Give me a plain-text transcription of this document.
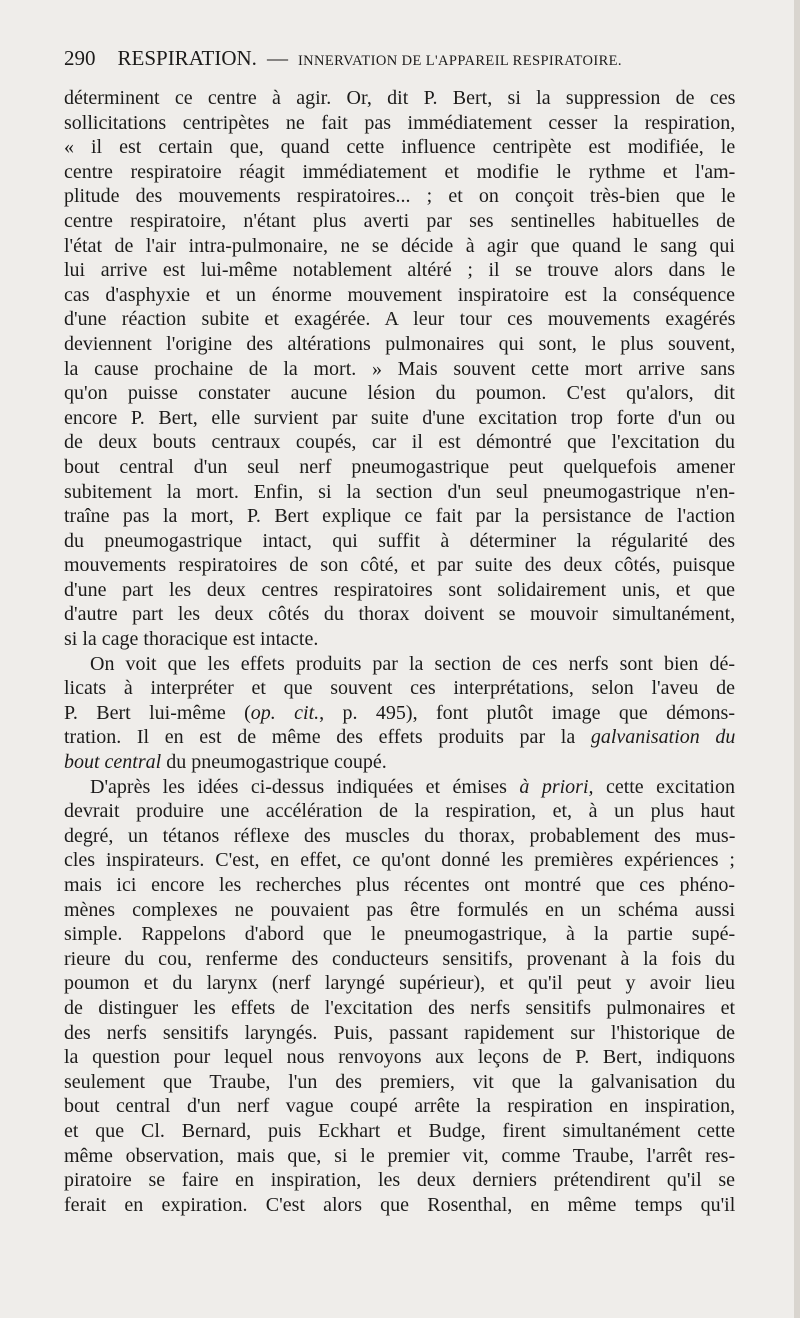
290 RESPIRATION. — INNERVATION DE L'APPAREIL RESPIRATOIRE.
déterminent ce centre à agir. Or, dit P. Bert, si la suppression de ces
sollicitations centripètes ne fait pas immédiatement cesser la respiration,
« il est certain que, quand cette influence centripète est modifiée, le
centre respiratoire réagit immédiatement et modifie le rythme et l'am-
plitude des mouvements respiratoires... ; et on conçoit très-bien que le
centre respiratoire, n'étant plus averti par ses sentinelles habituelles de
l'état de l'air intra-pulmonaire, ne se décide à agir que quand le sang qui
lui arrive est lui-même notablement altéré ; il se trouve alors dans le
cas d'asphyxie et un énorme mouvement inspiratoire est la conséquence
d'une réaction subite et exagérée. A leur tour ces mouvements exagérés
deviennent l'origine des altérations pulmonaires qui sont, le plus souvent,
la cause prochaine de la mort. » Mais souvent cette mort arrive sans
qu'on puisse constater aucune lésion du poumon. C'est qu'alors, dit
encore P. Bert, elle survient par suite d'une excitation trop forte d'un ou
de deux bouts centraux coupés, car il est démontré que l'excitation du
bout central d'un seul nerf pneumogastrique peut quelquefois amener
subitement la mort. Enfin, si la section d'un seul pneumogastrique n'en-
traîne pas la mort, P. Bert explique ce fait par la persistance de l'action
du pneumogastrique intact, qui suffit à déterminer la régularité des
mouvements respiratoires de son côté, et par suite des deux côtés, puisque
d'une part les deux centres respiratoires sont solidairement unis, et que
d'autre part les deux côtés du thorax doivent se mouvoir simultanément,
si la cage thoracique est intacte.
On voit que les effets produits par la section de ces nerfs sont bien dé-
licats à interpréter et que souvent ces interprétations, selon l'aveu de
P. Bert lui-même (op. cit., p. 495), font plutôt image que démons-
tration. Il en est de même des effets produits par la galvanisation du
bout central du pneumogastrique coupé.
D'après les idées ci-dessus indiquées et émises à priori, cette excitation
devrait produire une accélération de la respiration, et, à un plus haut
degré, un tétanos réflexe des muscles du thorax, probablement des mus-
cles inspirateurs. C'est, en effet, ce qu'ont donné les premières expériences ;
mais ici encore les recherches plus récentes ont montré que ces phéno-
mènes complexes ne pouvaient pas être formulés en un schéma aussi
simple. Rappelons d'abord que le pneumogastrique, à la partie supé-
rieure du cou, renferme des conducteurs sensitifs, provenant à la fois du
poumon et du larynx (nerf laryngé supérieur), et qu'il peut y avoir lieu
de distinguer les effets de l'excitation des nerfs sensitifs pulmonaires et
des nerfs sensitifs laryngés. Puis, passant rapidement sur l'historique de
la question pour lequel nous renvoyons aux leçons de P. Bert, indiquons
seulement que Traube, l'un des premiers, vit que la galvanisation du
bout central d'un nerf vague coupé arrête la respiration en inspiration,
et que Cl. Bernard, puis Eckhart et Budge, firent simultanément cette
même observation, mais que, si le premier vit, comme Traube, l'arrêt res-
piratoire se faire en inspiration, les deux derniers prétendirent qu'il se
ferait en expiration. C'est alors que Rosenthal, en même temps qu'il
